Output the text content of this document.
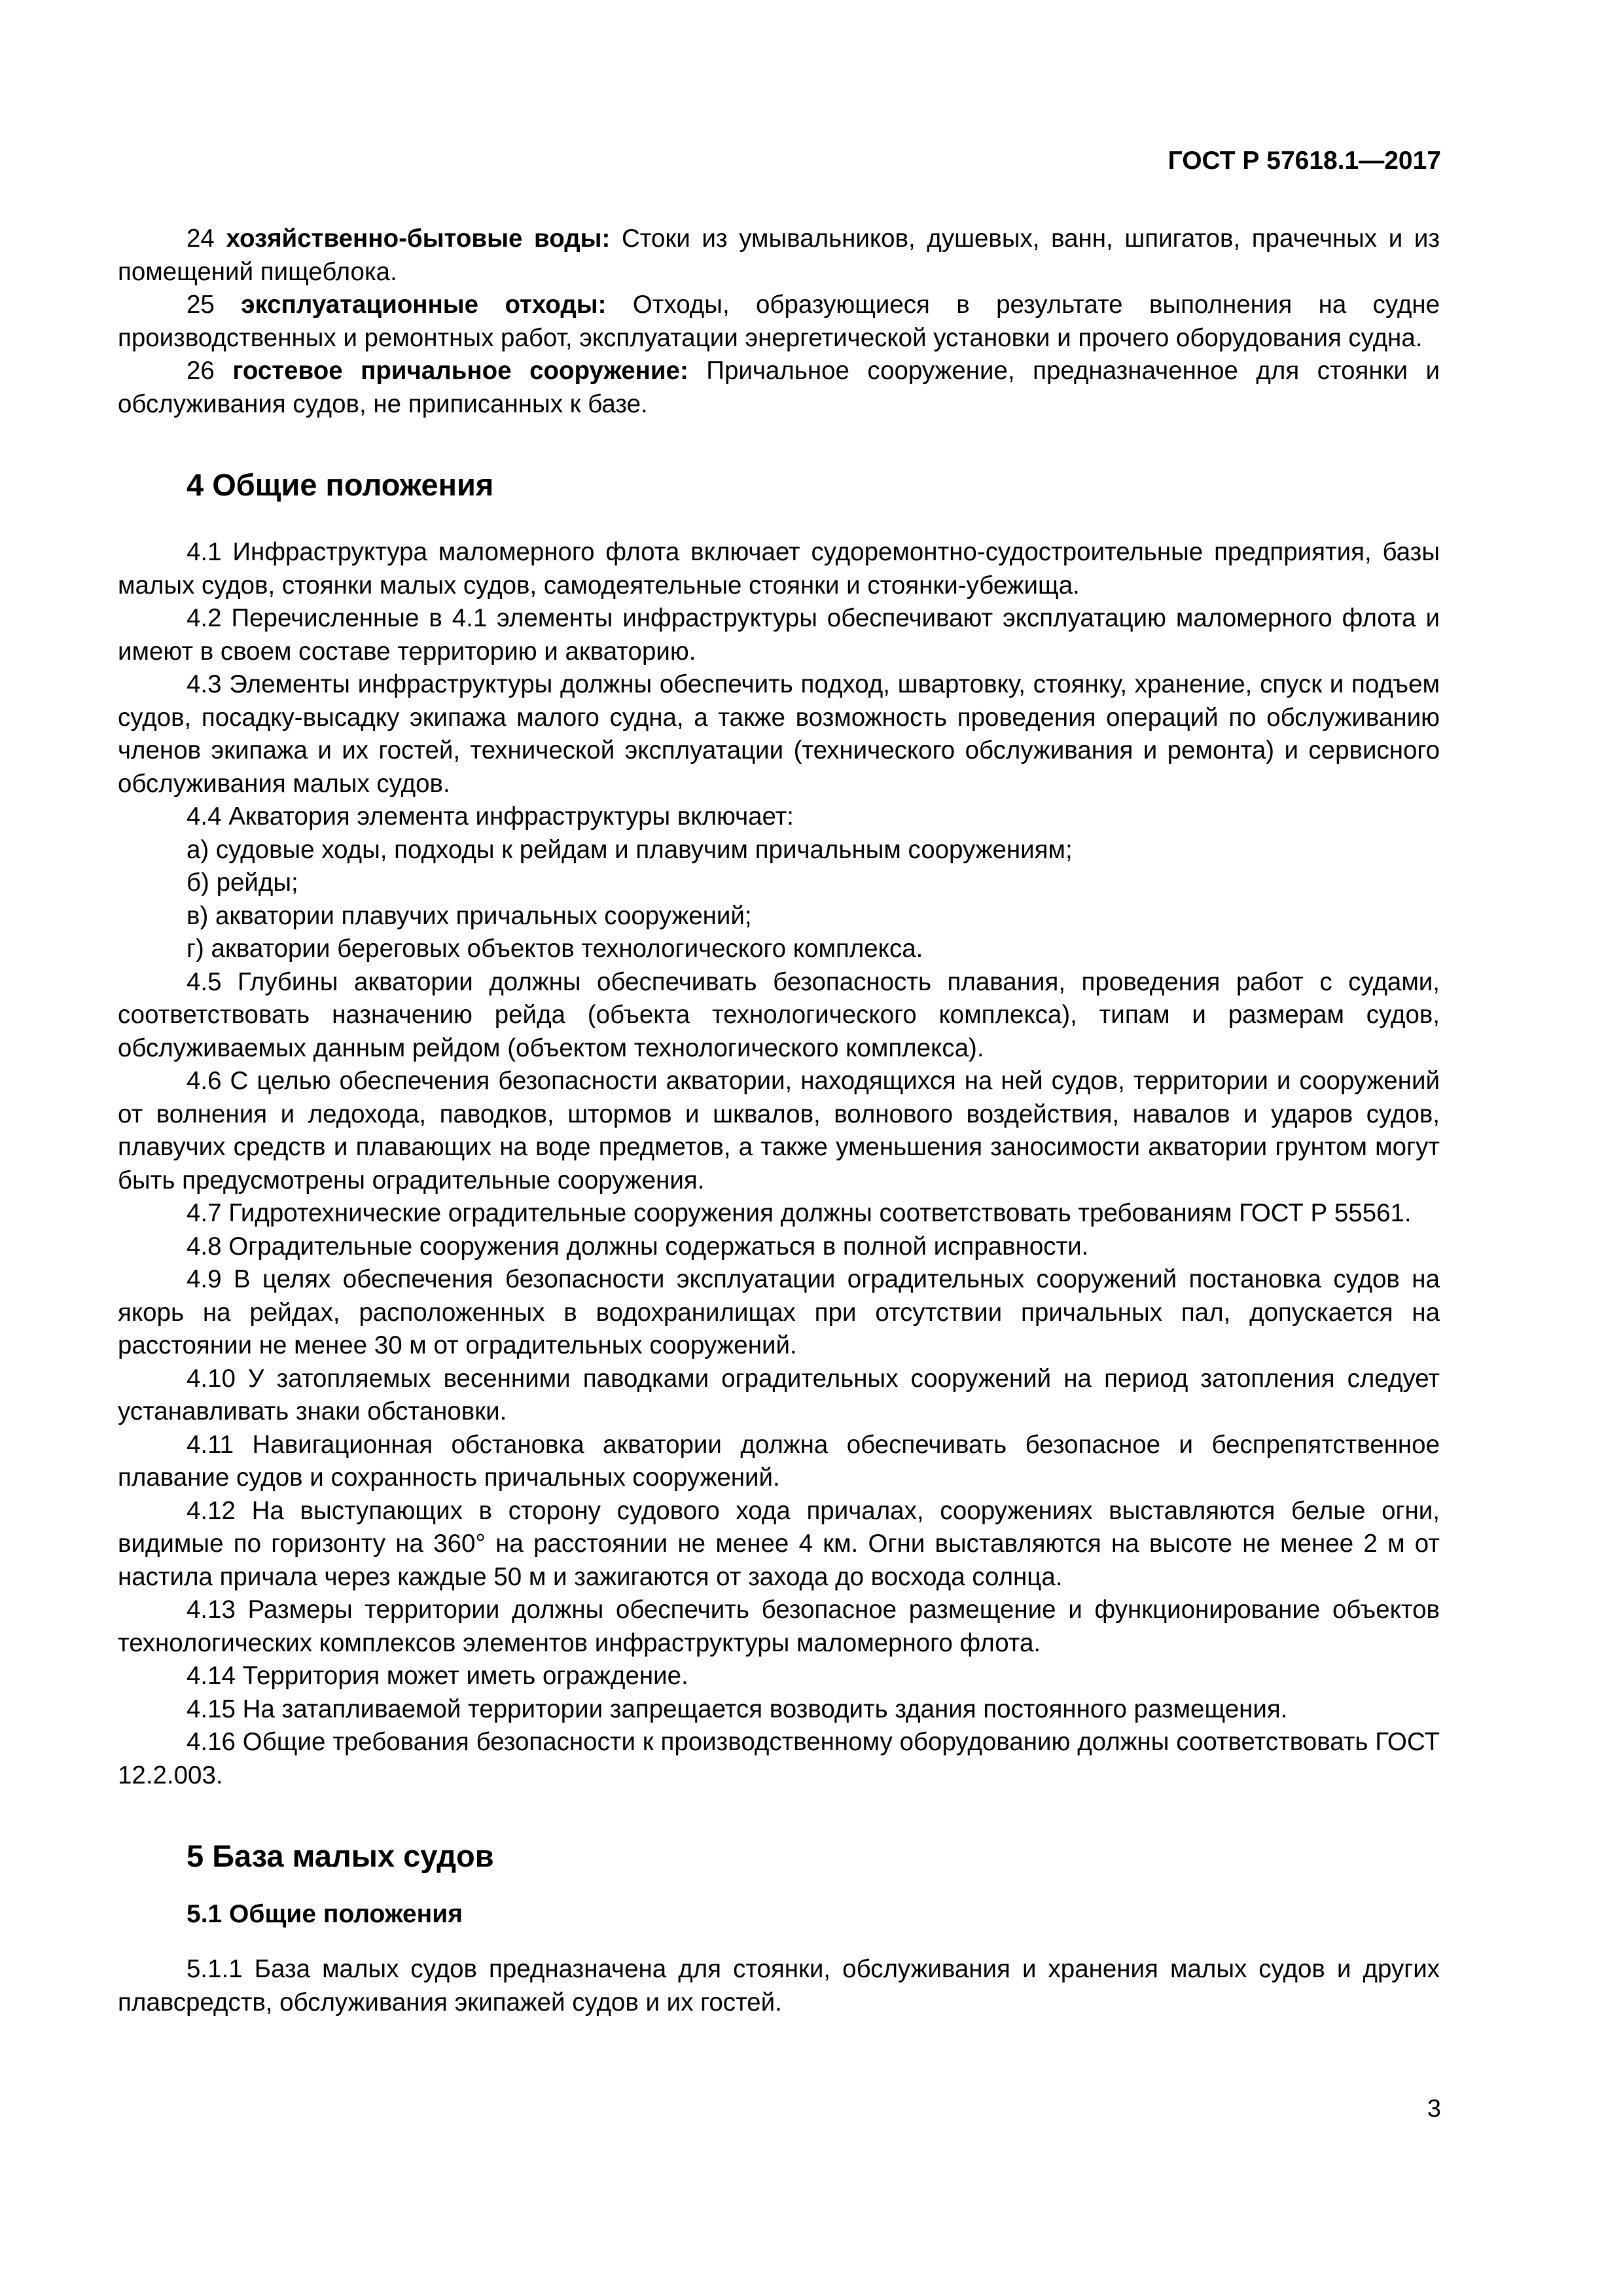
ГОСТ Р 57618.1—2017

24 хозяйственно-бытовые воды: Стоки из умывальников, душевых, ванн, шпигатов, прачечных и из помещений пищеблока.

25 эксплуатационные отходы: Отходы, образующиеся в результате выполнения на судне производственных и ремонтных работ, эксплуатации энергетической установки и прочего оборудования судна.

26 гостевое причальное сооружение: Причальное сооружение, предназначенное для стоянки и обслуживания судов, не приписанных к базе.

4 Общие положения

4.1 Инфраструктура маломерного флота включает судоремонтно-судостроительные предприятия, базы малых судов, стоянки малых судов, самодеятельные стоянки и стоянки-убежища.

4.2 Перечисленные в 4.1 элементы инфраструктуры обеспечивают эксплуатацию маломерного флота и имеют в своем составе территорию и акваторию.

4.3 Элементы инфраструктуры должны обеспечить подход, швартовку, стоянку, хранение, спуск и подъем судов, посадку-высадку экипажа малого судна, а также возможность проведения операций по обслуживанию членов экипажа и их гостей, технической эксплуатации (технического обслуживания и ремонта) и сервисного обслуживания малых судов.

4.4 Акватория элемента инфраструктуры включает:

а) судовые ходы, подходы к рейдам и плавучим причальным сооружениям;

б) рейды;

в) акватории плавучих причальных сооружений;

г) акватории береговых объектов технологического комплекса.

4.5 Глубины акватории должны обеспечивать безопасность плавания, проведения работ с судами, соответствовать назначению рейда (объекта технологического комплекса), типам и размерам судов, обслуживаемых данным рейдом (объектом технологического комплекса).

4.6 С целью обеспечения безопасности акватории, находящихся на ней судов, территории и сооружений от волнения и ледохода, паводков, штормов и шквалов, волнового воздействия, навалов и ударов судов, плавучих средств и плавающих на воде предметов, а также уменьшения заносимости акватории грунтом могут быть предусмотрены оградительные сооружения.

4.7 Гидротехнические оградительные сооружения должны соответствовать требованиям ГОСТ Р 55561.

4.8 Оградительные сооружения должны содержаться в полной исправности.

4.9 В целях обеспечения безопасности эксплуатации оградительных сооружений постановка судов на якорь на рейдах, расположенных в водохранилищах при отсутствии причальных пал, допускается на расстоянии не менее 30 м от оградительных сооружений.

4.10 У затопляемых весенними паводками оградительных сооружений на период затопления следует устанавливать знаки обстановки.

4.11 Навигационная обстановка акватории должна обеспечивать безопасное и беспрепятственное плавание судов и сохранность причальных сооружений.

4.12 На выступающих в сторону судового хода причалах, сооружениях выставляются белые огни, видимые по горизонту на 360° на расстоянии не менее 4 км. Огни выставляются на высоте не менее 2 м от настила причала через каждые 50 м и зажигаются от захода до восхода солнца.

4.13 Размеры территории должны обеспечить безопасное размещение и функционирование объектов технологических комплексов элементов инфраструктуры маломерного флота.

4.14 Территория может иметь ограждение.

4.15 На затапливаемой территории запрещается возводить здания постоянного размещения.

4.16 Общие требования безопасности к производственному оборудованию должны соответствовать ГОСТ 12.2.003.

5 База малых судов
5.1 Общие положения

5.1.1 База малых судов предназначена для стоянки, обслуживания и хранения малых судов и других плавсредств, обслуживания экипажей судов и их гостей.

3
